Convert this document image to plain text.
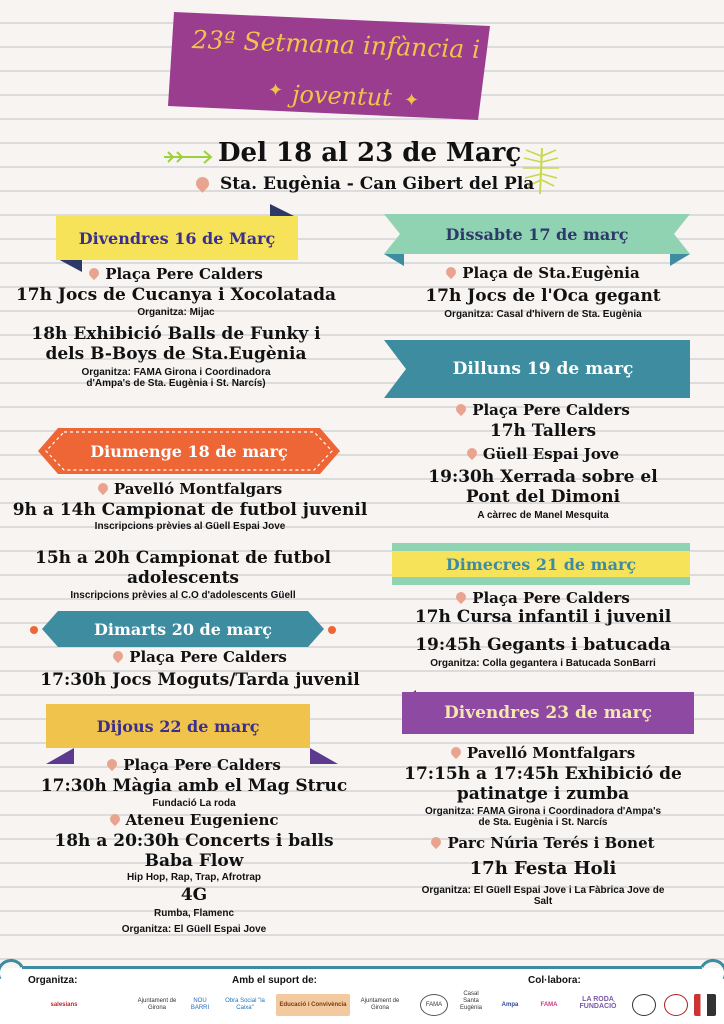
23ª Setmana infància i
✦ joventut ✦
Del 18 al 23 de Març
Sta. Eugènia - Can Gibert del Pla
Divendres 16 de Març
Plaça Pere Calders
17h Jocs de Cucanya i Xocolatada
Organitza: Mijac
18h Exhibició Balls de Funky i
dels B-Boys de Sta.Eugènia
Organitza: FAMA Girona i Coordinadora
d'Ampa's de Sta. Eugènia i St. Narcís)
Diumenge 18 de març
Pavelló Montfalgars
9h a 14h Campionat de futbol juvenil
Inscripcions prèvies al Güell Espai Jove
15h a 20h Campionat de futbol
adolescents
Inscripcions prèvies al C.O d'adolescents Güell
Dimarts 20 de març
Plaça Pere Calders
17:30h Jocs Moguts/Tarda juvenil
Dijous 22 de març
Plaça Pere Calders
17:30h Màgia amb el Mag Struc
Fundació La roda
Ateneu Eugenienc
18h a 20:30h Concerts i balls
Baba Flow
Hip Hop, Rap, Trap, Afrotrap
4G
Rumba, Flamenc
Organitza: El Güell Espai Jove
Dissabte 17 de març
Plaça de Sta.Eugènia
17h Jocs de l'Oca gegant
Organitza: Casal d'hivern de Sta. Eugènia
Dilluns 19 de març
Plaça Pere Calders
17h Tallers
Güell Espai Jove
19:30h Xerrada sobre el
Pont del Dimoni
A càrrec de Manel Mesquita
Dimecres 21 de març
Plaça Pere Calders
17h Cursa infantil i juvenil
19:45h Gegants i batucada
Organitza: Colla gegantera i Batucada SonBarri
Divendres 23 de març
Pavelló Montfalgars
17:15h a 17:45h Exhibició de
patinatge i zumba
Organitza: FAMA Girona i Coordinadora d'Ampa's
de Sta. Eugènia i St. Narcís
Parc Núria Terés i Bonet
17h Festa Holi
Organitza: El Güell Espai Jove i La Fàbrica Jove de
Salt
Organitza:	Amb el suport de:	Col·labora:
salesians
Ajuntament de Girona
NOU BARRI
Obra Social "la Caixa"
Educació i Convivència
Ajuntament de Girona
FAMA
Casal Santa Eugènia	Ampa	FAMA
LA RODA FUNDACIÓ
